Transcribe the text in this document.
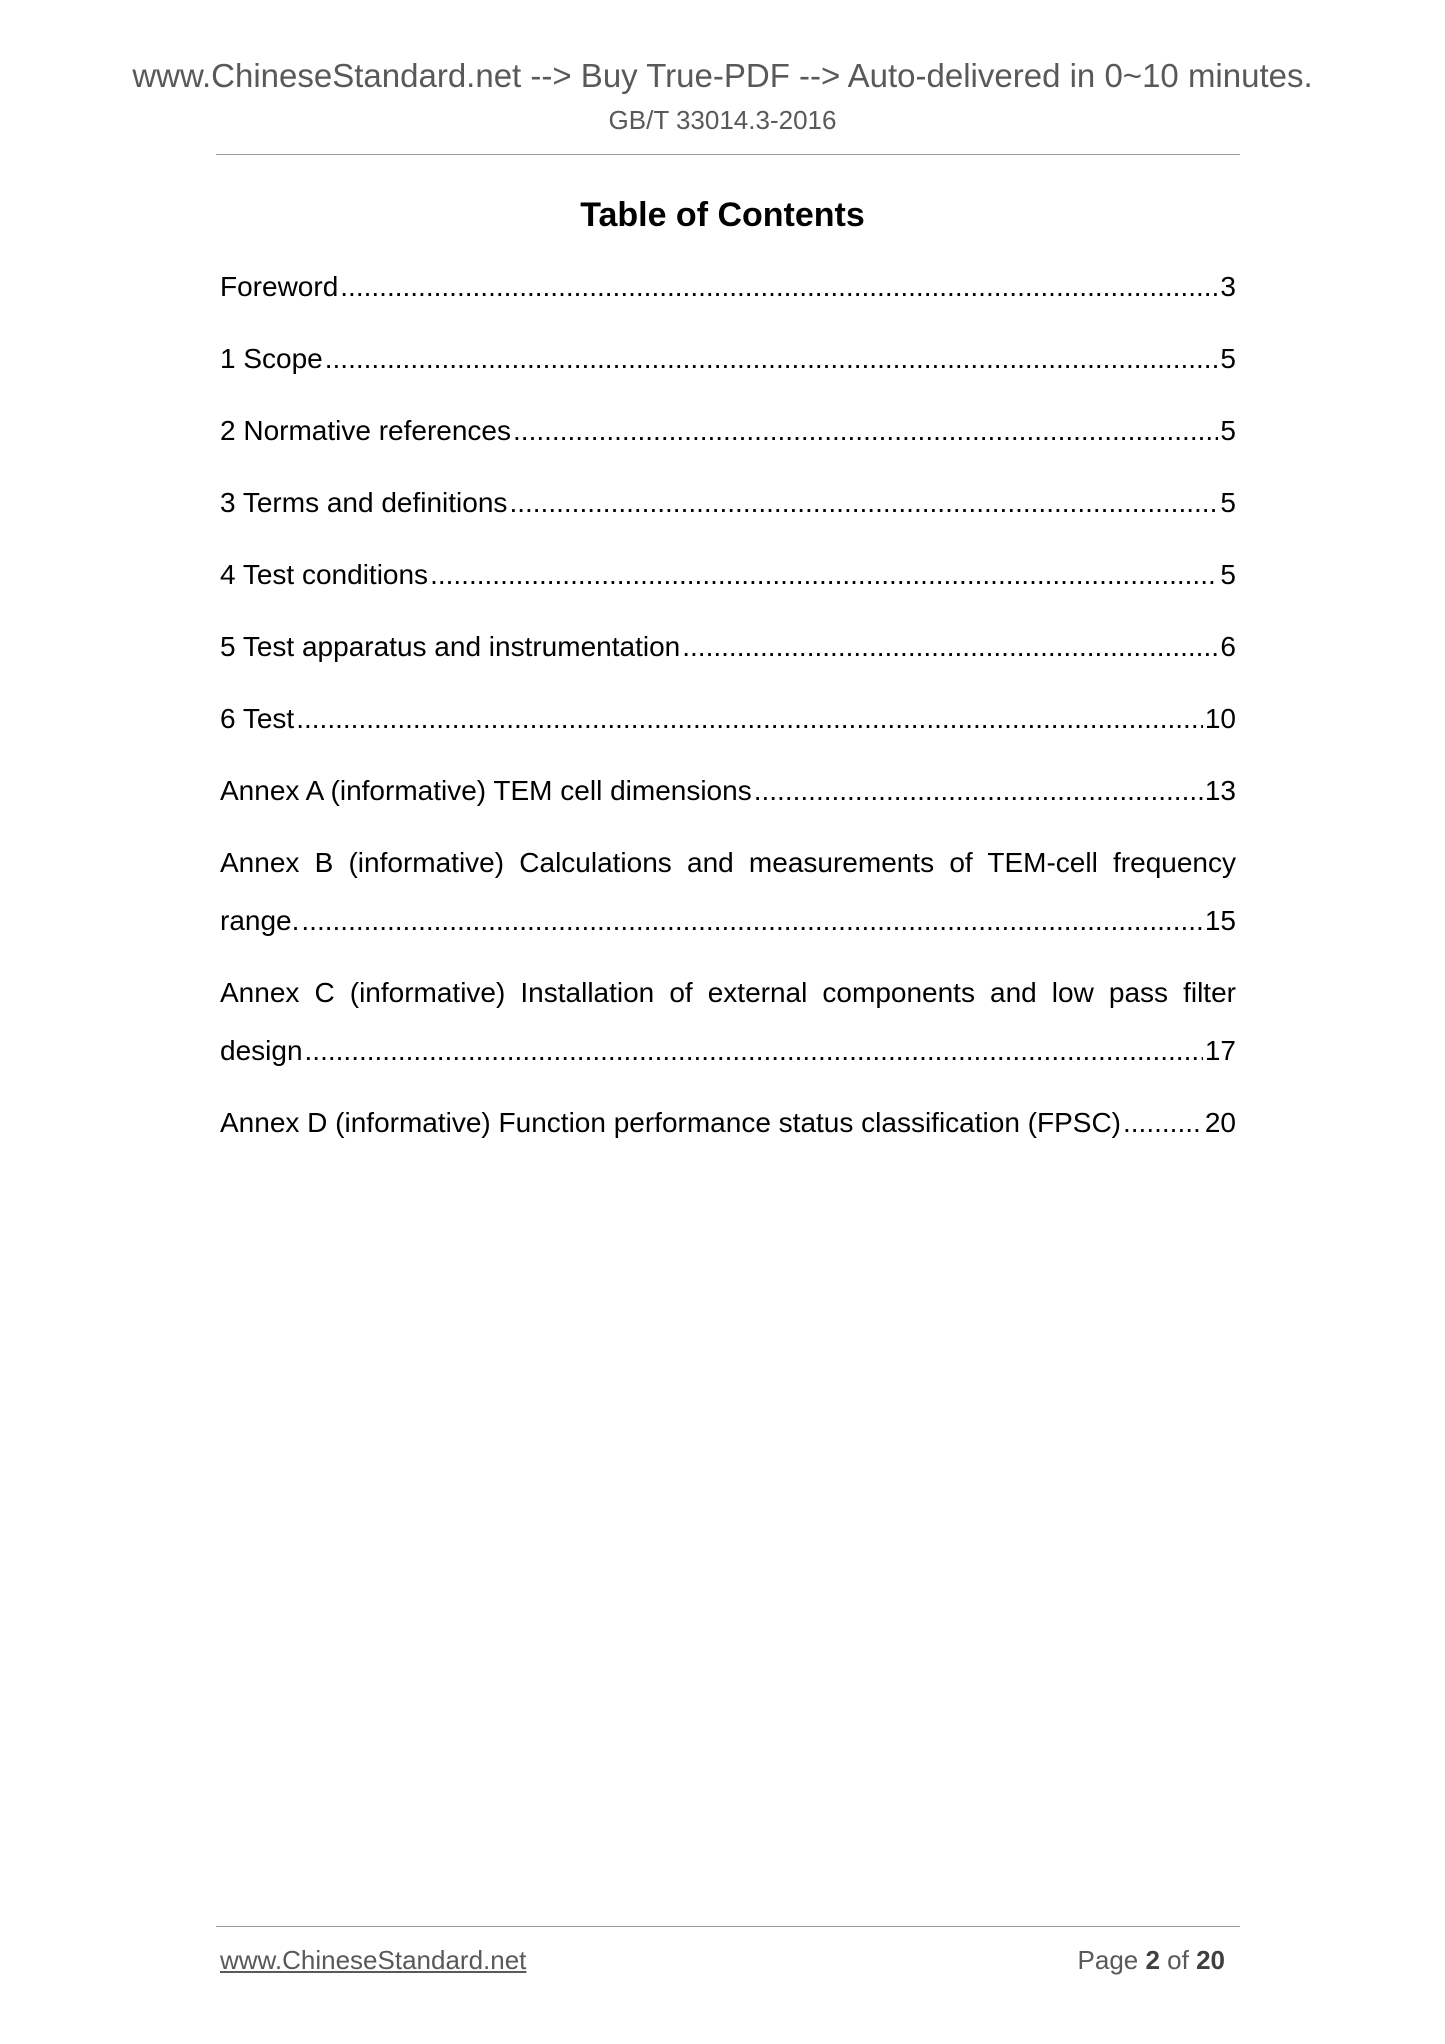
www.ChineseStandard.net --> Buy True-PDF --> Auto-delivered in 0~10 minutes.
GB/T 33014.3-2016
Table of Contents
Foreword .....	3
1 Scope .....	5
2 Normative references .....	5
3 Terms and definitions .....	5
4 Test conditions .....	5
5 Test apparatus and instrumentation .....	6
6 Test .....	10
Annex A (informative) TEM cell dimensions .....	13
Annex B (informative) Calculations and measurements of TEM-cell frequency
range. .....	15
Annex C (informative) Installation of external components and low pass filter
design .....	17
Annex D (informative) Function performance status classification (FPSC) .....	20
www.ChineseStandard.net	Page 2 of 20
